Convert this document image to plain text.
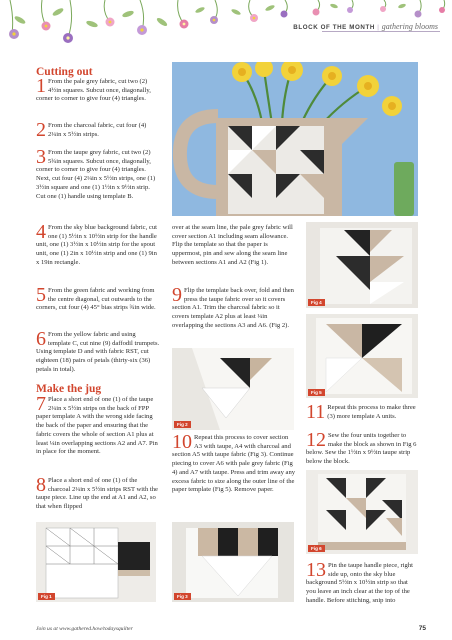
BLOCK OF THE MONTH | gathering blooms
Cutting out
1 From the pale grey fabric, cut two (2) 4½in squares. Subcut once, diagonally, corner to corner to give four (4) triangles.
2 From the charcoal fabric, cut four (4) 2¼in x 5½in strips.
3 From the taupe grey fabric, cut two (2) 5¾in squares. Subcut once, diagonally, corner to corner to give four (4) triangles. Next, cut four (4) 2¼in x 5½in strips, one (1) 3½in square and one (1) 1½in x 9½in strip. Cut one (1) handle using template B.
4 From the sky blue background fabric, cut one (1) 5½in x 10½in strip for the handle unit, one (1) 3½in x 10½in strip for the spout unit, one (1) 2in x 10½in strip and one (1) 9in x 19in rectangle.
5 From the green fabric and working from the centre diagonal, cut outwards to the corners, cut four (4) 45° bias strips ¾in wide.
6 From the yellow fabric and using template C, cut nine (9) daffodil trumpets. Using template D and with fabric RST, cut eighteen (18) pairs of petals (thirty-six (36) petals in total).
Make the jug
7 Place a short end of one (1) of the taupe 2¼in x 5½in strips on the back of FPP paper template A with the wrong side facing the back of the paper and ensuring that the fabric covers the whole of section A1 plus at least ¼in overlapping sections A2 and A7. Pin in place for the moment.
8 Place a short end of one (1) of the charcoal 2¼in x 5½in strips RST with the taupe piece. Line up the end at A1 and A2, so that when flipped
Fig 1
over at the seam line, the pale grey fabric will cover section A1 including seam allowance. Flip the template so that the paper is uppermost, pin and sew along the seam line between sections A1 and A2 (Fig 1).
9 Flip the template back over, fold and then press the taupe fabric over so it covers section A1. Trim the charcoal fabric so it covers template A2 plus at least ¼in overlapping the sections A3 and A6. (Fig 2).
Fig 2
10 Repeat this process to cover section A3 with taupe, A4 with charcoal and section A5 with taupe fabric (Fig 3). Continue piecing to cover A6 with pale grey fabric (Fig 4) and A7 with taupe. Press and trim away any excess fabric to size along the outer line of the paper template (Fig 5). Remove paper.
Fig 3
Fig 4
Fig 5
11 Repeat this process to make three (3) more template A units.
12 Sew the four units together to make the block as shown in Fig 6 below. Sew the 1½in x 9½in taupe strip below the block.
Fig 6
13 Pin the taupe handle piece, right side up, onto the sky blue background 5½in x 10½in strip so that you leave an inch clear at the top of the handle. Before stitching, snip into
Join us at www.gathered.how/todaysquilter	75
